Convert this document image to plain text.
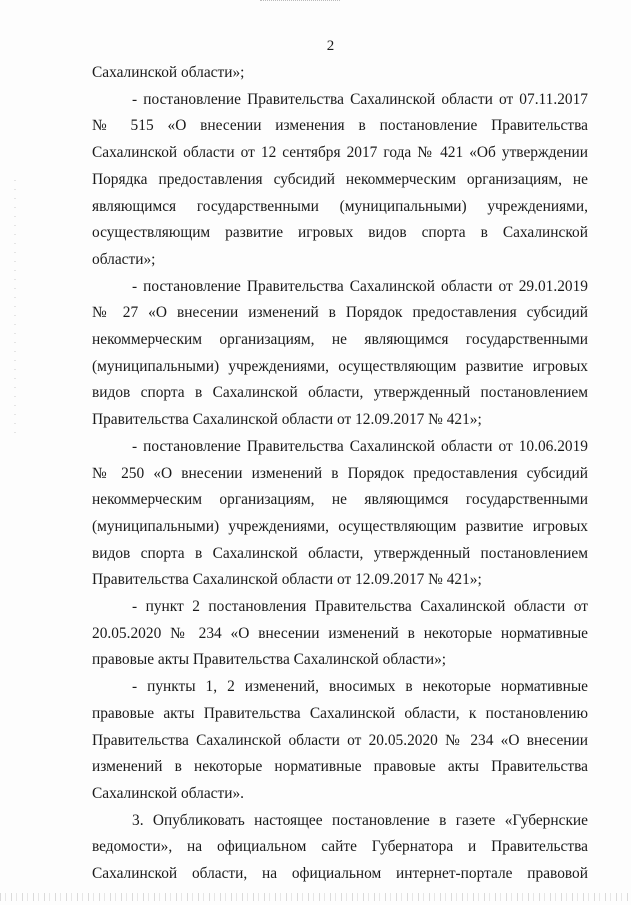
2

Сахалинской области»;

- постановление Правительства Сахалинской области от 07.11.2017 № 515 «О внесении изменения в постановление Правительства Сахалинской области от 12 сентября 2017 года № 421 «Об утверждении Порядка предоставления субсидий некоммерческим организациям, не являющимся государственными (муниципальными) учреждениями, осуществляющим развитие игровых видов спорта в Сахалинской области»;

- постановление Правительства Сахалинской области от 29.01.2019 № 27 «О внесении изменений в Порядок предоставления субсидий некоммерческим организациям, не являющимся государственными (муниципальными) учреждениями, осуществляющим развитие игровых видов спорта в Сахалинской области, утвержденный постановлением Правительства Сахалинской области от 12.09.2017 № 421»;

- постановление Правительства Сахалинской области от 10.06.2019 № 250 «О внесении изменений в Порядок предоставления субсидий некоммерческим организациям, не являющимся государственными (муниципальными) учреждениями, осуществляющим развитие игровых видов спорта в Сахалинской области, утвержденный постановлением Правительства Сахалинской области от 12.09.2017 № 421»;

- пункт 2 постановления Правительства Сахалинской области от 20.05.2020 № 234 «О внесении изменений в некоторые нормативные правовые акты Правительства Сахалинской области»;

- пункты 1, 2 изменений, вносимых в некоторые нормативные правовые акты Правительства Сахалинской области, к постановлению Правительства Сахалинской области от 20.05.2020 № 234 «О внесении изменений в некоторые нормативные правовые акты Правительства Сахалинской области».

3. Опубликовать настоящее постановление в газете «Губернские ведомости», на официальном сайте Губернатора и Правительства Сахалинской области, на официальном интернет-портале правовой
